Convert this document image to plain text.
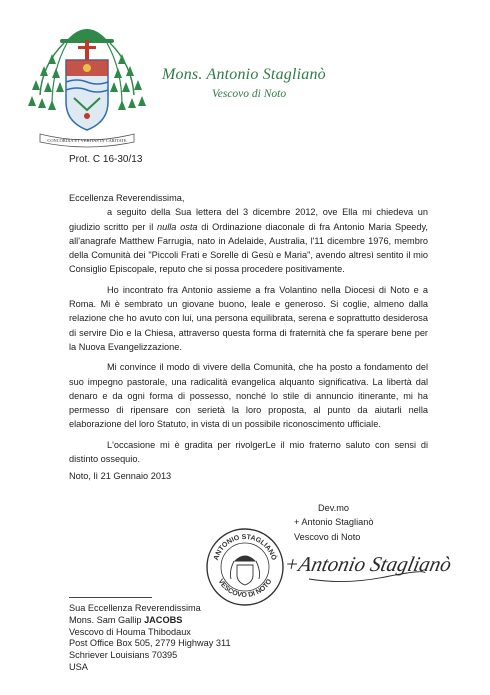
CONCORDIA ET VERITAS IN CARITATE
Mons. Antonio Staglianò
Vescovo di Noto
Prot. C 16-30/13

Eccellenza Reverendissima,

a seguito della Sua lettera del 3 dicembre 2012, ove Ella mi chiedeva un giudizio scritto per il nulla osta di Ordinazione diaconale di fra Antonio Maria Speedy, all'anagrafe Matthew Farrugia, nato in Adelaide, Australia, l'11 dicembre 1976, membro della Comunità dei "Piccoli Frati e Sorelle di Gesù e Maria", avendo altresì sentito il mio Consiglio Episcopale, reputo che si possa procedere positivamente.

Ho incontrato fra Antonio assieme a fra Volantino nella Diocesi di Noto e a Roma. Mi è sembrato un giovane buono, leale e generoso. Si coglie, almeno dalla relazione che ho avuto con lui, una persona equilibrata, serena e soprattutto desiderosa di servire Dio e la Chiesa, attraverso questa forma di fraternità che fa sperare bene per la Nuova Evangelizzazione.

Mi convince il modo di vivere della Comunità, che ha posto a fondamento del suo impegno pastorale, una radicalità evangelica alquanto significativa. La libertà dal denaro e da ogni forma di possesso, nonché lo stile di annuncio itinerante, mi ha permesso di ripensare con serietà la loro proposta, al punto da aiutarli nella elaborazione del loro Statuto, in vista di un possibile riconoscimento ufficiale.

L'occasione mi è gradita per rivolgerLe il mio fraterno saluto con sensi di distinto ossequio.

Noto, lì 21 Gennaio 2013

Dev.mo
+ Antonio Staglianò
Vescovo di Noto
ANTONIO STAGLIANÒ
VESCOVO DI NOTO
+Antonio Staglianò
Sua Eccellenza Reverendissima
Mons. Sam Gallip JACOBS
Vescovo di Houma Thibodaux
Post Office Box 505, 2779 Highway 311
Schriever Louisians 70395
USA
